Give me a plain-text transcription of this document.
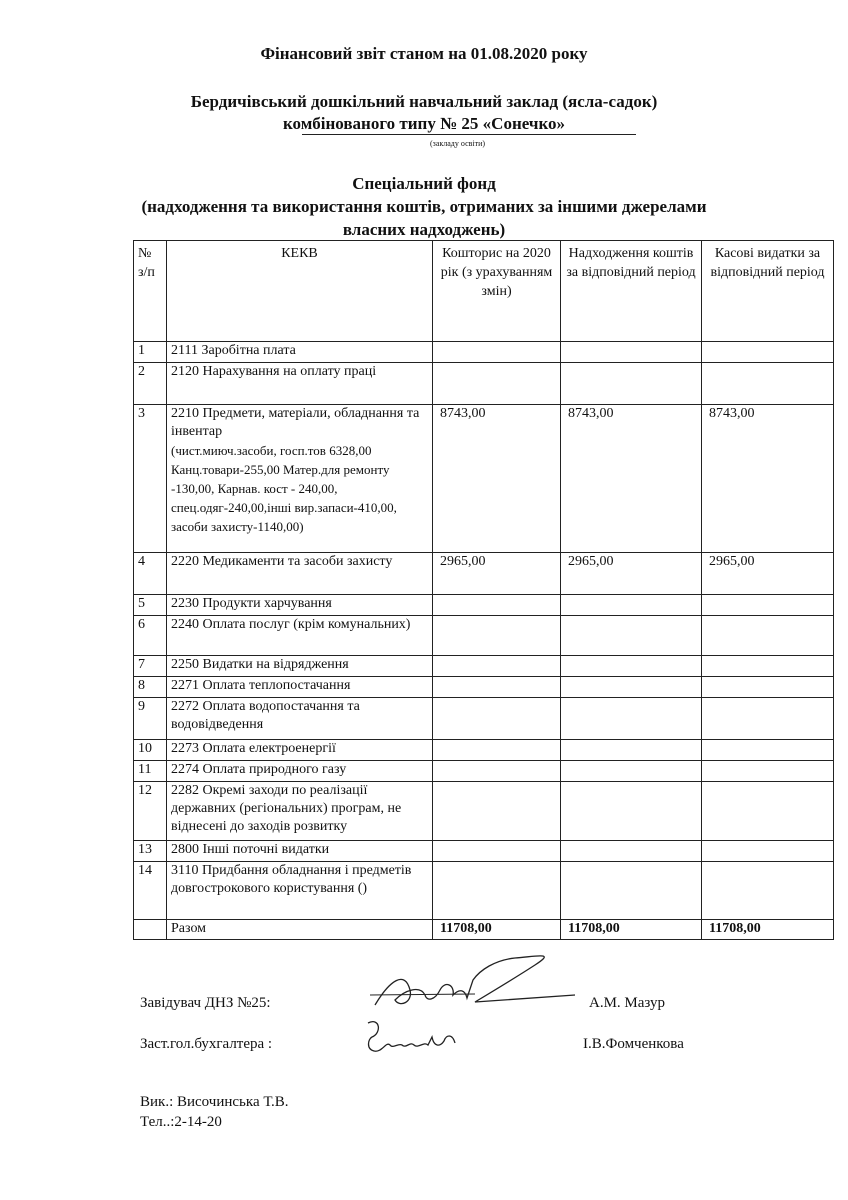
Фінансовий звіт станом на 01.08.2020 року
Бердичівський дошкільний навчальний заклад (ясла-садок)
комбінованого типу № 25 «Сонечко»
(закладу освіти)
Спеціальний фонд
(надходження та використання коштів, отриманих за іншими джерелами
власних надходжень)
№ з/п	КЕКВ	Кошторис на 2020 рік (з урахуванням змін)	Надходження коштів за відповідний період	Касові видатки за відповідний період
1	2111 Заробітна плата			
2	2120 Нарахування на оплату праці			
3	2210 Предмети, матеріали, обладнання та інвентар
(чист.миюч.засоби, госп.тов 6328,00 Канц.товари-255,00 Матер.для ремонту -130,00, Карнав. кост - 240,00, спец.одяг-240,00,інші вир.запаси-410,00, засоби захисту-1140,00)	8743,00	8743,00	8743,00
4	2220 Медикаменти та засоби захисту	2965,00	2965,00	2965,00
5	2230 Продукти харчування			
6	2240 Оплата послуг (крім комунальних)			
7	2250 Видатки на відрядження			
8	2271 Оплата теплопостачання			
9	2272 Оплата водопостачання та водовідведення			
10	2273 Оплата електроенергії			
11	2274 Оплата природного газу			
12	2282 Окремі заходи по реалізації державних (регіональних) програм, не віднесені до заходів розвитку			
13	2800 Інші поточні видатки			
14	3110 Придбання обладнання і предметів довгострокового користування ()			
	Разом	11708,00	11708,00	11708,00
Завідувач ДНЗ №25:	А.М. Мазур
Заст.гол.бухгалтера :	І.В.Фомченкова
Вик.: Височинська Т.В.
Тел..:2-14-20
